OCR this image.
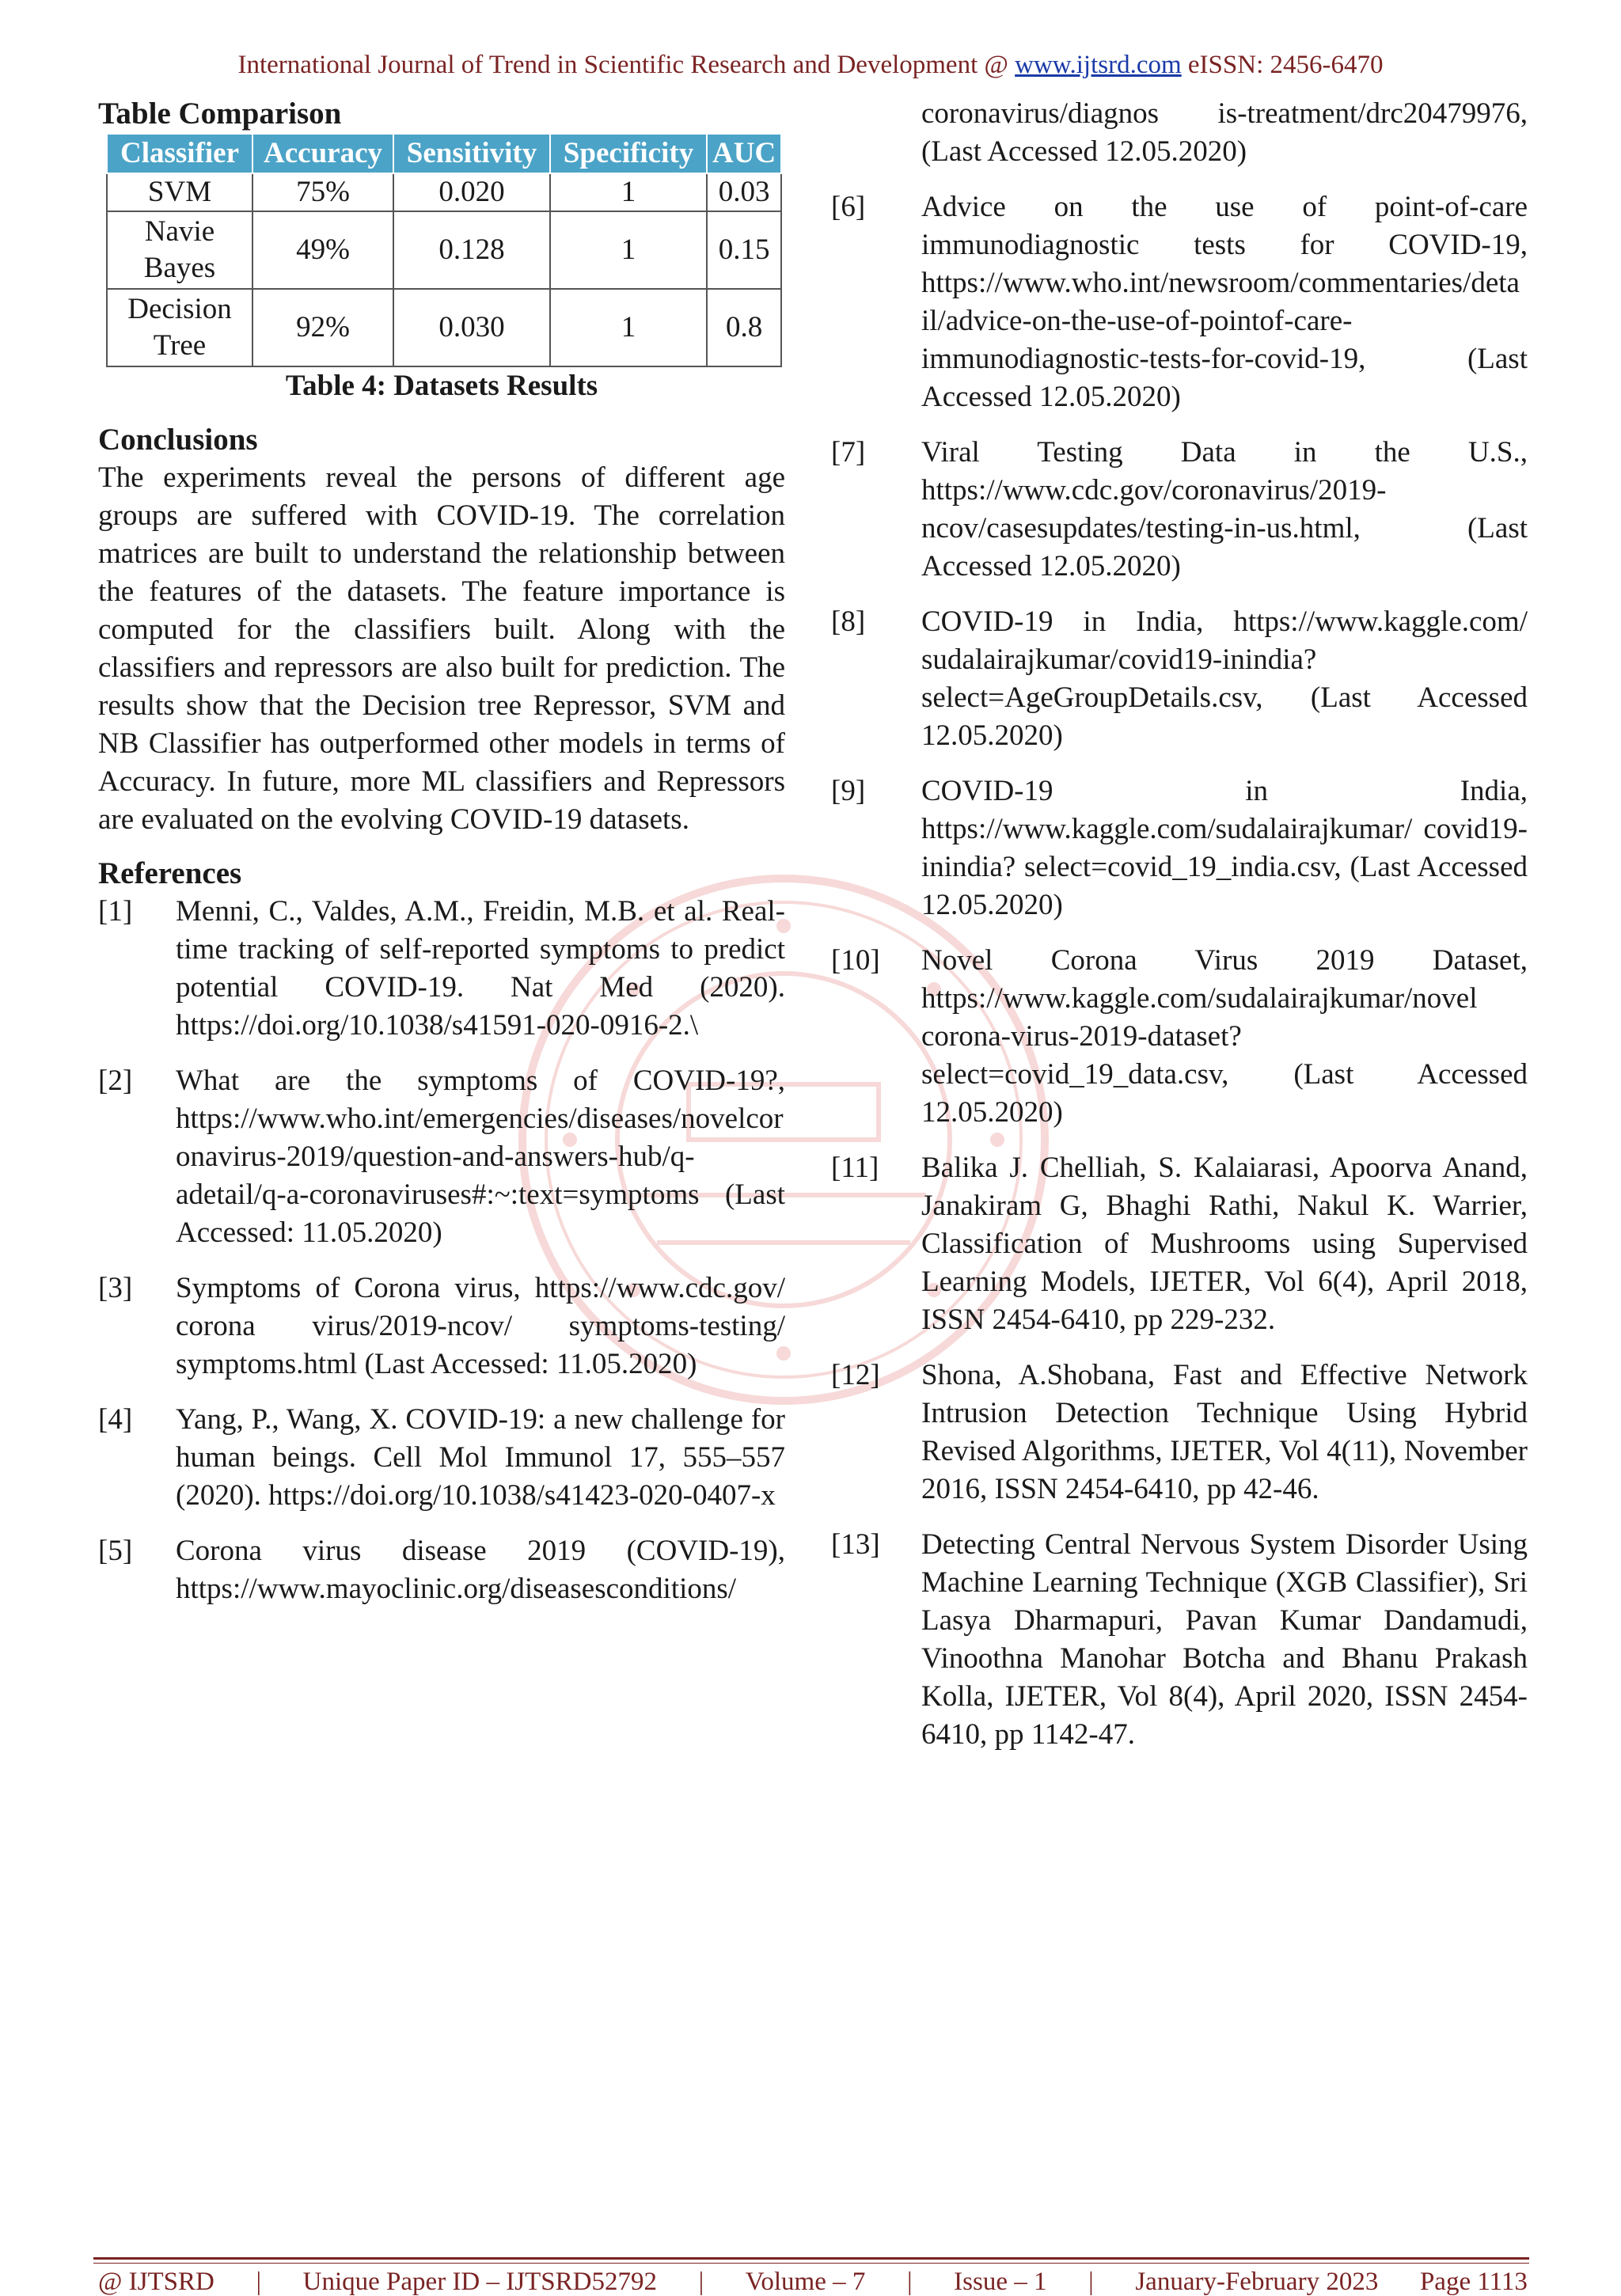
International Journal of Trend in Scientific Research and Development @ www.ijtsrd.com eISSN: 2456-6470
Table Comparison
Classifier	Accuracy	Sensitivity	Specificity	AUC
SVM	75%	0.020	1	0.03
Navie Bayes	49%	0.128	1	0.15
Decision Tree	92%	0.030	1	0.8
Table 4: Datasets Results
Conclusions

The experiments reveal the persons of different age groups are suffered with COVID-19. The correlation matrices are built to understand the relationship between the features of the datasets. The feature importance is computed for the classifiers built. Along with the classifiers and repressors are also built for prediction. The results show that the Decision tree Repressor, SVM and NB Classifier has outperformed other models in terms of Accuracy. In future, more ML classifiers and Repressors are evaluated on the evolving COVID-19 datasets.

References
[1]	Menni, C., Valdes, A.M., Freidin, M.B. et al. Real-time tracking of self-reported symptoms to predict potential COVID-19. Nat Med (2020). https://doi.org/10.1038/s41591-020-0916-2.\
[2]	What are the symptoms of COVID-19?, https://www.who.int/emergencies/diseases/novelcoronavirus-2019/question-and-answers-hub/q-adetail/q-a-coronaviruses#:~:text=symptoms (Last Accessed: 11.05.2020)
[3]	Symptoms of Corona virus, https://www.cdc.gov/ corona virus/2019-ncov/ symptoms-testing/ symptoms.html (Last Accessed: 11.05.2020)
[4]	Yang, P., Wang, X. COVID-19: a new challenge for human beings. Cell Mol Immunol 17, 555–557 (2020). https://doi.org/10.1038/s41423-020-0407-x
[5]	Corona virus disease 2019 (COVID-19), https://www.mayoclinic.org/diseasesconditions/
coronavirus/diagnos is-treatment/drc20479976, (Last Accessed 12.05.2020)
[6]	Advice on the use of point-of-care immunodiagnostic tests for COVID-19, https://www.who.int/newsroom/commentaries/detail/advice-on-the-use-of-pointof-care-immunodiagnostic-tests-for-covid-19, (Last Accessed 12.05.2020)
[7]	Viral Testing Data in the U.S., https://www.cdc.gov/coronavirus/2019-ncov/casesupdates/testing-in-us.html, (Last Accessed 12.05.2020)
[8]	COVID-19 in India, https://www.kaggle.com/ sudalairajkumar/covid19-inindia? select=AgeGroupDetails.csv, (Last Accessed 12.05.2020)
[9]	COVID-19 in India, https://www.kaggle.com/sudalairajkumar/ covid19-inindia? select=covid_19_india.csv, (Last Accessed 12.05.2020)
[10]	Novel Corona Virus 2019 Dataset, https://www.kaggle.com/sudalairajkumar/novel corona-virus-2019-dataset? select=covid_19_data.csv, (Last Accessed 12.05.2020)
[11]	Balika J. Chelliah, S. Kalaiarasi, Apoorva Anand, Janakiram G, Bhaghi Rathi, Nakul K. Warrier, Classification of Mushrooms using Supervised Learning Models, IJETER, Vol 6(4), April 2018, ISSN 2454-6410, pp 229-232.
[12]	Shona, A.Shobana, Fast and Effective Network Intrusion Detection Technique Using Hybrid Revised Algorithms, IJETER, Vol 4(11), November 2016, ISSN 2454-6410, pp 42-46.
[13]	Detecting Central Nervous System Disorder Using Machine Learning Technique (XGB Classifier), Sri Lasya Dharmapuri, Pavan Kumar Dandamudi, Vinoothna Manohar Botcha and Bhanu Prakash Kolla, IJETER, Vol 8(4), April 2020, ISSN 2454-6410, pp 1142-47.
@ IJTSRD | Unique Paper ID – IJTSRD52792 | Volume – 7 | Issue – 1 | January-February 2023 Page 1113
